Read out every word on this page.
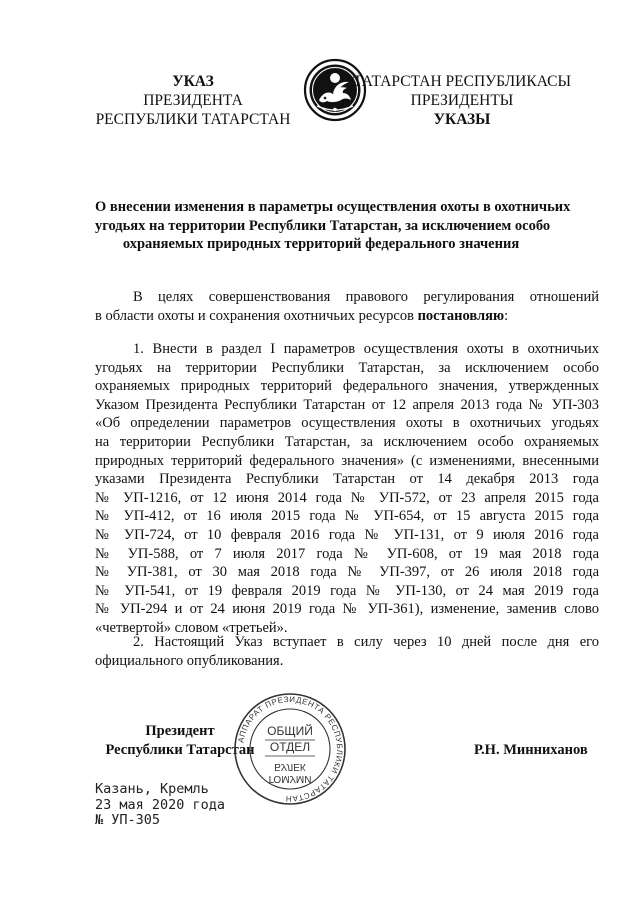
УКАЗ
ПРЕЗИДЕНТА
РЕСПУБЛИКИ ТАТАРСТАН
ТАТАРСТАН РЕСПУБЛИКАСЫ
ПРЕЗИДЕНТЫ
УКАЗЫ
О внесении изменения в параметры осуществления охоты в охотничьих
угодьях на территории Республики Татарстан, за исключением особо
охраняемых природных территорий федерального значения
В целях совершенствования правового регулирования отношений
в области охоты и сохранения охотничьих ресурсов постановляю:
1. Внести в раздел I параметров осуществления охоты в охотничьих
угодьях на территории Республики Татарстан, за исключением особо
охраняемых природных территорий федерального значения, утвержденных
Указом Президента Республики Татарстан от 12 апреля 2013 года № УП-303
«Об определении параметров осуществления охоты в охотничьих угодьях
на территории Республики Татарстан, за исключением особо охраняемых
природных территорий федерального значения» (с изменениями, внесенными
указами Президента Республики Татарстан от 14 декабря 2013 года
№ УП-1216, от 12 июня 2014 года № УП-572, от 23 апреля 2015 года
№ УП-412, от 16 июля 2015 года № УП-654, от 15 августа 2015 года
№ УП-724, от 10 февраля 2016 года № УП-131, от 9 июля 2016 года
№ УП-588, от 7 июля 2017 года № УП-608, от 19 мая 2018 года
№ УП-381, от 30 мая 2018 года № УП-397, от 26 июля 2018 года
№ УП-541, от 19 февраля 2019 года № УП-130, от 24 мая 2019 года
№ УП-294 и от 24 июня 2019 года № УП-361), изменение, заменив слово
«четвертой» словом «третьей».
2. Настоящий Указ вступает в силу через 10 дней после дня его
официального опубликования.
Президент
Республики Татарстан
АППАРАТ ПРЕЗИДЕНТА РЕСПУБЛИКИ ТАТАРСТАН
ОБЩИЙ
ОТДЕЛ
БУЛЕК
ГОМУМИ
Р.Н. Минниханов
Казань, Кремль
23 мая 2020 года
№ УП-305
